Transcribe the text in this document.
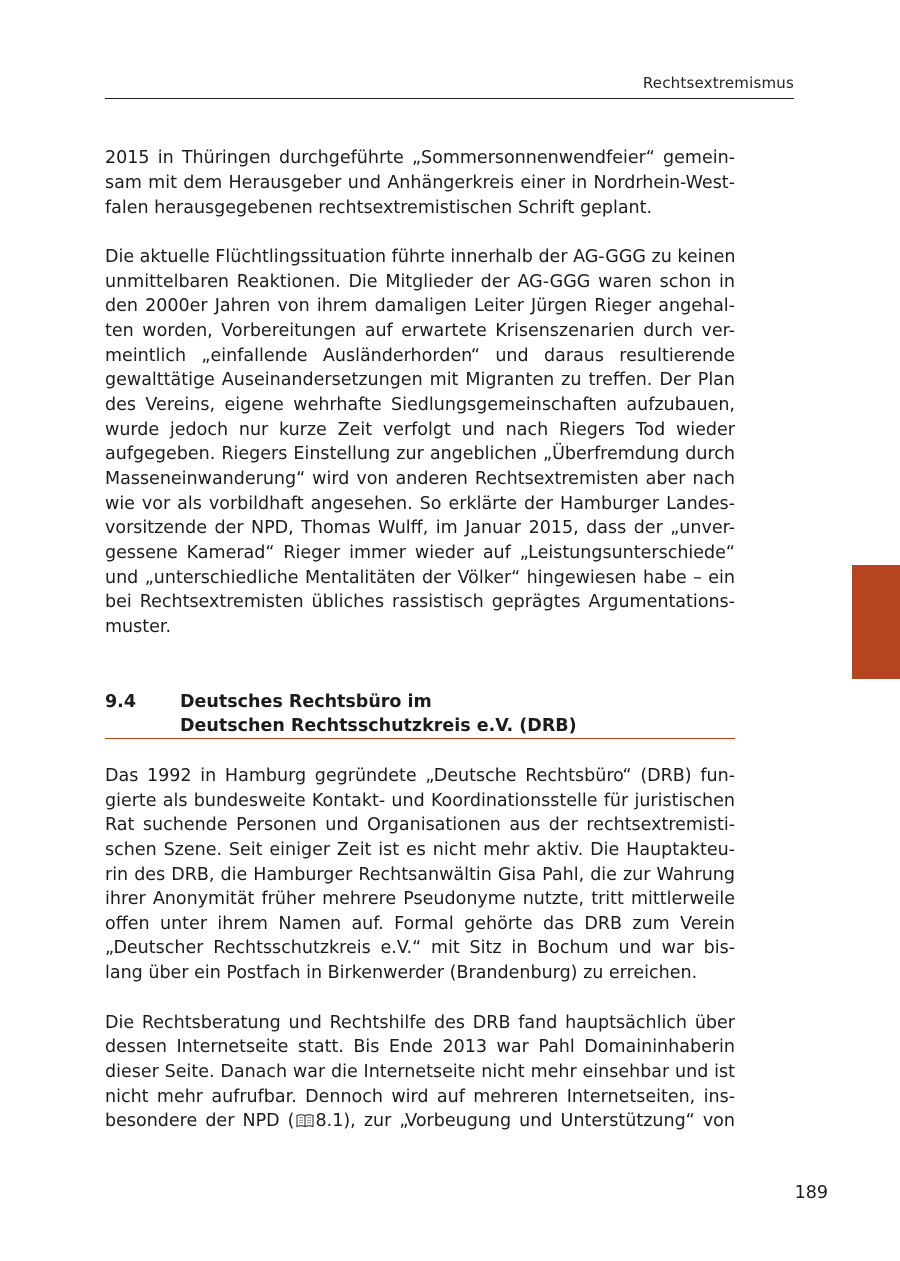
Rechtsextremismus
2015 in Thüringen durchgeführte „Sommersonnenwendfeier“ gemein-
sam mit dem Herausgeber und Anhängerkreis einer in Nordrhein-West-
falen herausgegebenen rechtsextremistischen Schrift geplant.
Die aktuelle Flüchtlingssituation führte innerhalb der AG-GGG zu keinen
unmittelbaren Reaktionen. Die Mitglieder der AG-GGG waren schon in
den 2000er Jahren von ihrem damaligen Leiter Jürgen Rieger angehal-
ten worden, Vorbereitungen auf erwartete Krisenszenarien durch ver-
meintlich „einfallende Ausländerhorden“ und daraus resultierende
gewalttätige Auseinandersetzungen mit Migranten zu treffen. Der Plan
des Vereins, eigene wehrhafte Siedlungsgemeinschaften aufzubauen,
wurde jedoch nur kurze Zeit verfolgt und nach Riegers Tod wieder
aufgegeben. Riegers Einstellung zur angeblichen „Überfremdung durch
Masseneinwanderung“ wird von anderen Rechtsextremisten aber nach
wie vor als vorbildhaft angesehen. So erklärte der Hamburger Landes-
vorsitzende der NPD, Thomas Wulff, im Januar 2015, dass der „unver-
gessene Kamerad“ Rieger immer wieder auf „Leistungsunterschiede“
und „unterschiedliche Mentalitäten der Völker“ hingewiesen habe – ein
bei Rechtsextremisten übliches rassistisch geprägtes Argumentations-
muster.
9.4	Deutsches Rechtsbüro im
Deutschen Rechtsschutzkreis e.V. (DRB)
Das 1992 in Hamburg gegründete „Deutsche Rechtsbüro“ (DRB) fun-
gierte als bundesweite Kontakt- und Koordinationsstelle für juristischen
Rat suchende Personen und Organisationen aus der rechtsextremisti-
schen Szene. Seit einiger Zeit ist es nicht mehr aktiv. Die Hauptakteu-
rin des DRB, die Hamburger Rechtsanwältin Gisa Pahl, die zur Wahrung
ihrer Anonymität früher mehrere Pseudonyme nutzte, tritt mittlerweile
offen unter ihrem Namen auf. Formal gehörte das DRB zum Verein
„Deutscher Rechtsschutzkreis e.V.“ mit Sitz in Bochum und war bis-
lang über ein Postfach in Birkenwerder (Brandenburg) zu erreichen.
Die Rechtsberatung und Rechtshilfe des DRB fand hauptsächlich über
dessen Internetseite statt. Bis Ende 2013 war Pahl Domaininhaberin
dieser Seite. Danach war die Internetseite nicht mehr einsehbar und ist
nicht mehr aufrufbar. Dennoch wird auf mehreren Internetseiten, ins-
besondere der NPD ( 8.1), zur „Vorbeugung und Unterstützung“ von
189
